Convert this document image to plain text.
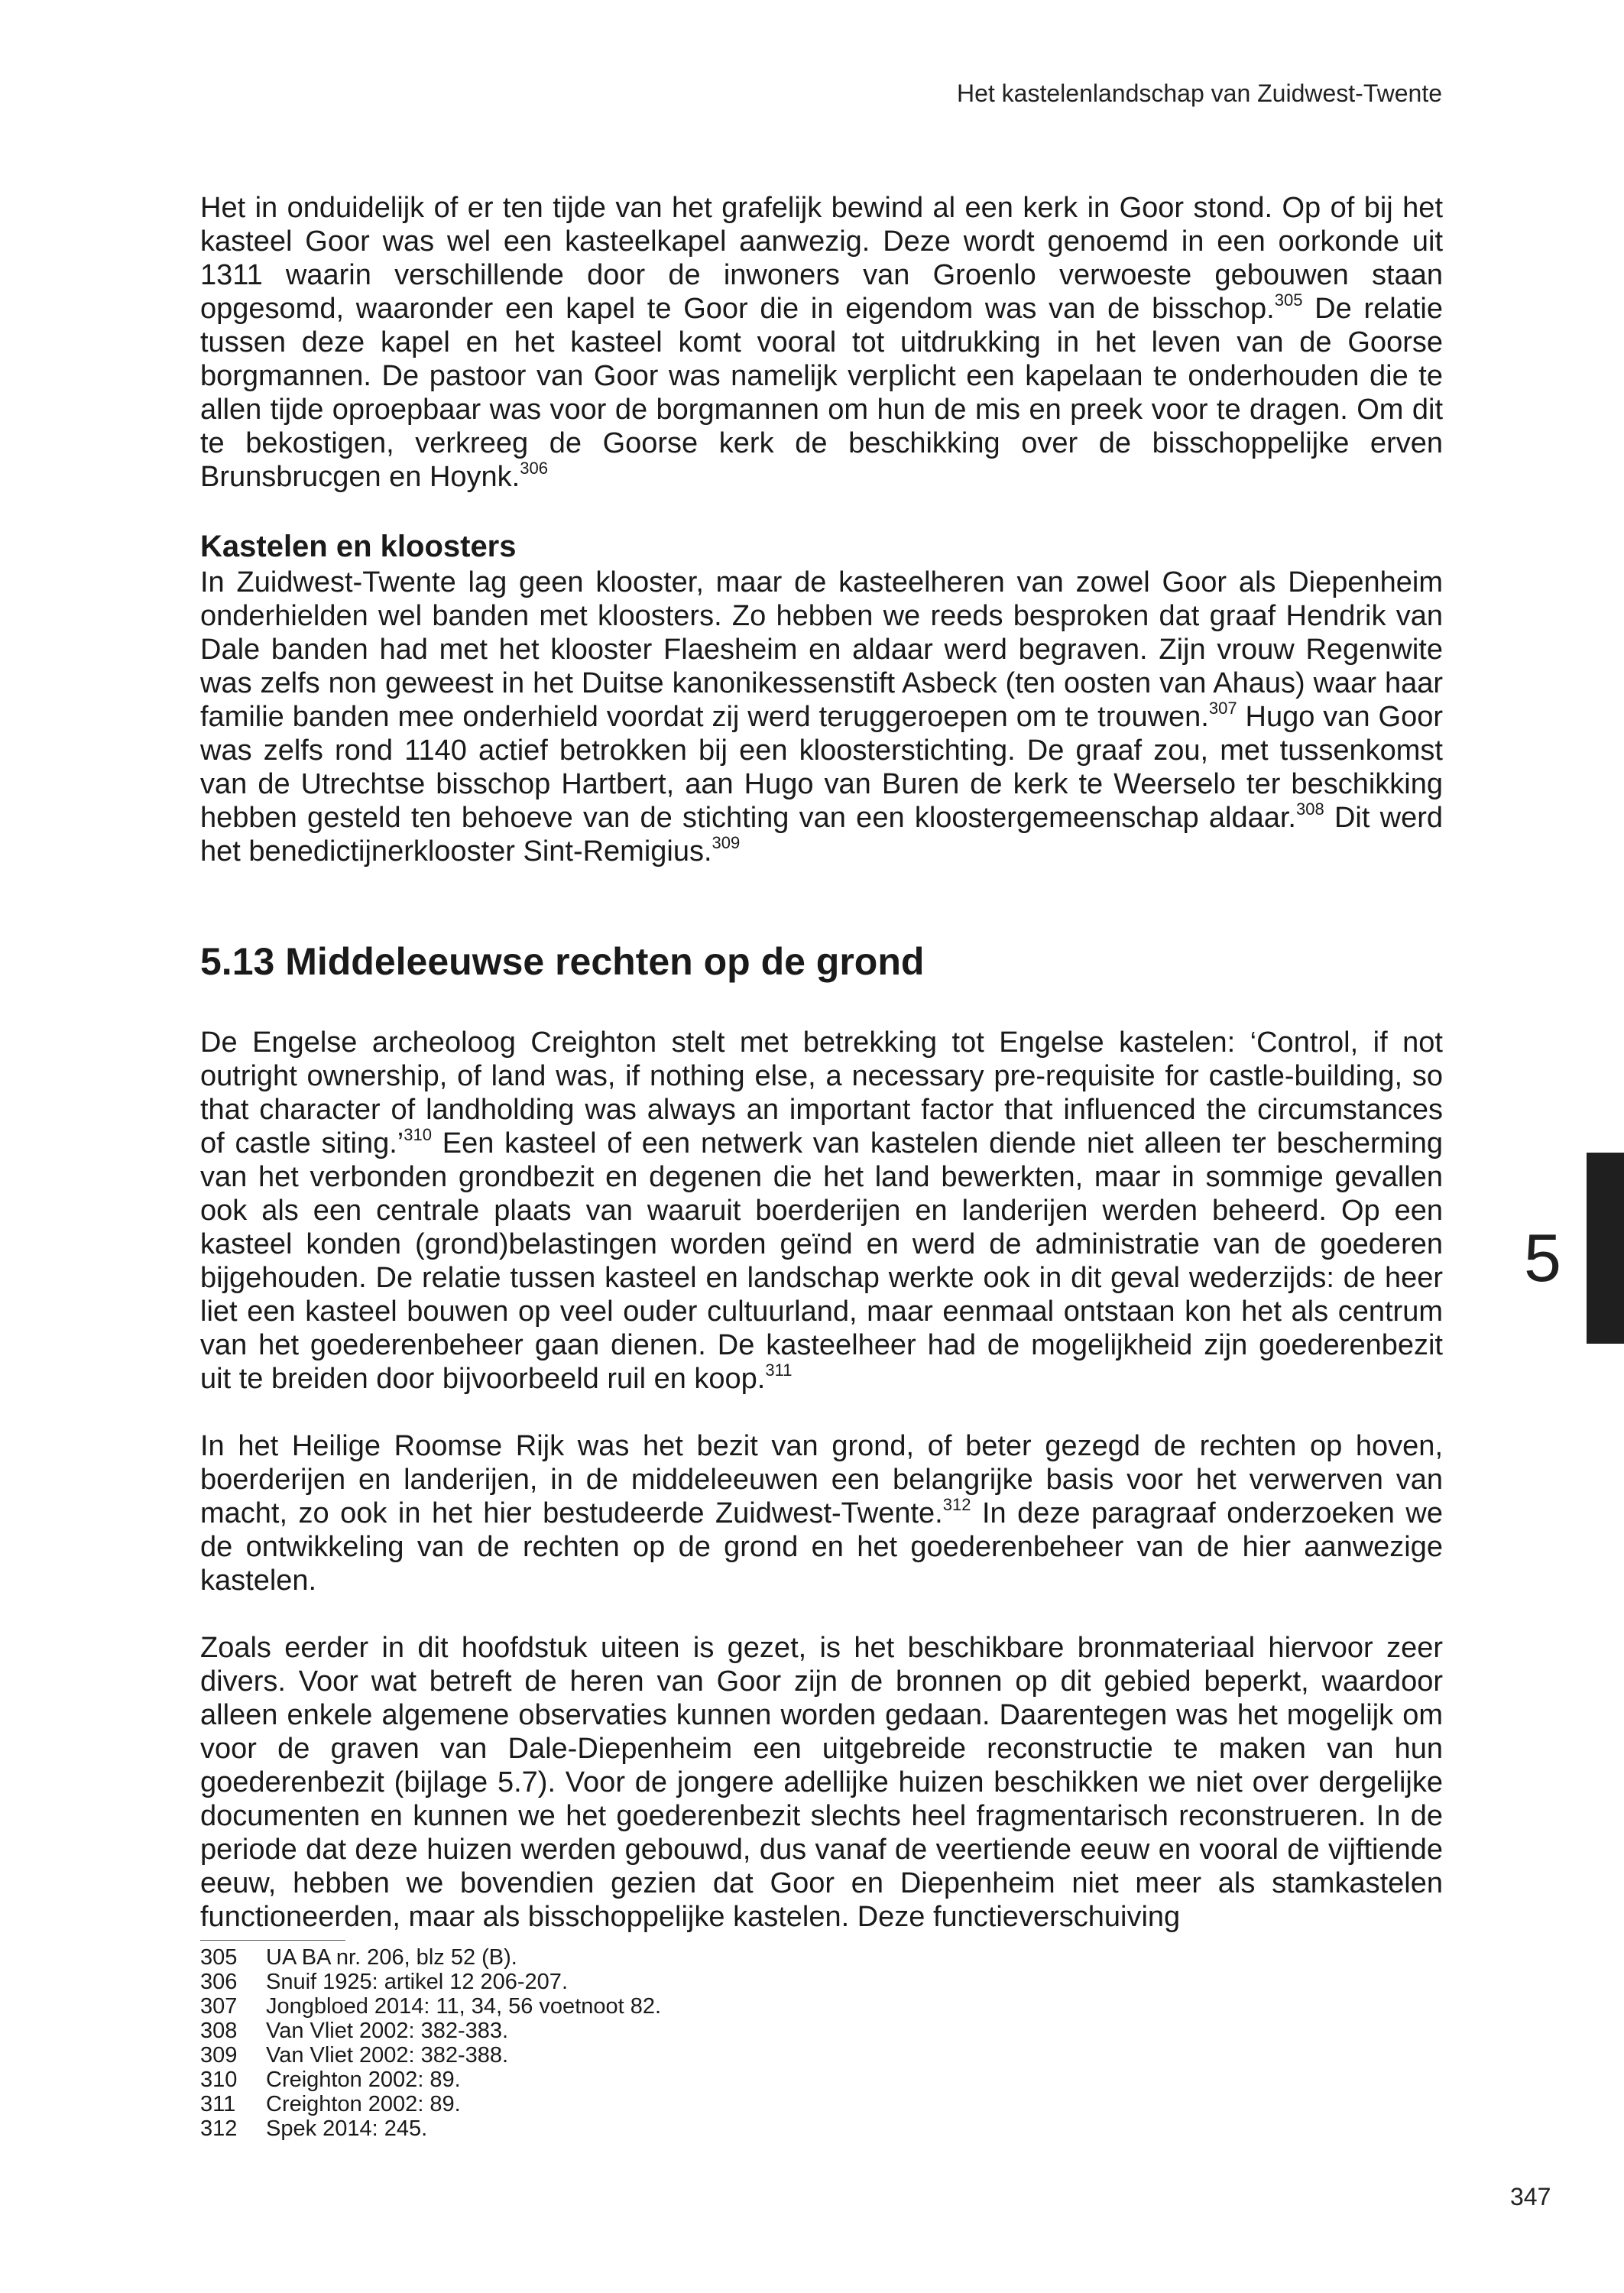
Het kastelenlandschap van Zuidwest-Twente

Het in onduidelijk of er ten tijde van het grafelijk bewind al een kerk in Goor stond. Op of bij het kasteel Goor was wel een kasteelkapel aanwezig. Deze wordt genoemd in een oorkonde uit 1311 waarin verschillende door de inwoners van Groenlo verwoeste gebouwen staan opgesomd, waaronder een kapel te Goor die in eigendom was van de bisschop.$^{305}$ De relatie tussen deze kapel en het kasteel komt vooral tot uitdrukking in het leven van de Goorse borgmannen. De pastoor van Goor was namelijk verplicht een kapelaan te onderhouden die te allen tijde oproepbaar was voor de borgmannen om hun de mis en preek voor te dragen. Om dit te bekostigen, verkreeg de Goorse kerk de beschikking over de bisschoppelijke erven Brunsbrucgen en Hoynk.$^{306}$

Kastelen en kloosters

In Zuidwest-Twente lag geen klooster, maar de kasteelheren van zowel Goor als Diepenheim onderhielden wel banden met kloosters. Zo hebben we reeds besproken dat graaf Hendrik van Dale banden had met het klooster Flaesheim en aldaar werd begraven. Zijn vrouw Regenwite was zelfs non geweest in het Duitse kanonikessenstift Asbeck (ten oosten van Ahaus) waar haar familie banden mee onderhield voordat zij werd teruggeroepen om te trouwen.$^{307}$ Hugo van Goor was zelfs rond 1140 actief betrokken bij een kloosterstichting. De graaf zou, met tussenkomst van de Utrechtse bisschop Hartbert, aan Hugo van Buren de kerk te Weerselo ter beschikking hebben gesteld ten behoeve van de stichting van een kloostergemeenschap aldaar.$^{308}$ Dit werd het benedictijnerklooster Sint-Remigius.$^{309}$

5.13 Middeleeuwse rechten op de grond

De Engelse archeoloog Creighton stelt met betrekking tot Engelse kastelen: ‘Control, if not outright ownership, of land was, if nothing else, a necessary pre-requisite for castle-building, so that character of landholding was always an important factor that influenced the circumstances of castle siting.’$^{310}$ Een kasteel of een netwerk van kastelen diende niet alleen ter bescherming van het verbonden grondbezit en degenen die het land bewerkten, maar in sommige gevallen ook als een centrale plaats van waaruit boerderijen en landerijen werden beheerd. Op een kasteel konden (grond)belastingen worden geïnd en werd de administratie van de goederen bijgehouden. De relatie tussen kasteel en landschap werkte ook in dit geval wederzijds: de heer liet een kasteel bouwen op veel ouder cultuurland, maar eenmaal ontstaan kon het als centrum van het goederenbeheer gaan dienen. De kasteelheer had de mogelijkheid zijn goederenbezit uit te breiden door bijvoorbeeld ruil en koop.$^{311}$

In het Heilige Roomse Rijk was het bezit van grond, of beter gezegd de rechten op hoven, boerderijen en landerijen, in de middeleeuwen een belangrijke basis voor het verwerven van macht, zo ook in het hier bestudeerde Zuidwest-Twente.$^{312}$ In deze paragraaf onderzoeken we de ontwikkeling van de rechten op de grond en het goederenbeheer van de hier aanwezige kastelen.

Zoals eerder in dit hoofdstuk uiteen is gezet, is het beschikbare bronmateriaal hiervoor zeer divers. Voor wat betreft de heren van Goor zijn de bronnen op dit gebied beperkt, waardoor alleen enkele algemene observaties kunnen worden gedaan. Daarentegen was het mogelijk om voor de graven van Dale-Diepenheim een uitgebreide reconstructie te maken van hun goederenbezit (bijlage 5.7). Voor de jongere adellijke huizen beschikken we niet over dergelijke documenten en kunnen we het goederenbezit slechts heel fragmentarisch reconstrueren. In de periode dat deze huizen werden gebouwd, dus vanaf de veertiende eeuw en vooral de vijftiende eeuw, hebben we bovendien gezien dat Goor en Diepenheim niet meer als stamkastelen functioneerden, maar als bisschoppelijke kastelen. Deze functieverschuiving

305	UA BA nr. 206, blz 52 (B).
306	Snuif 1925: artikel 12 206-207.
307	Jongbloed 2014: 11, 34, 56 voetnoot 82.
308	Van Vliet 2002: 382-383.
309	Van Vliet 2002: 382-388.
310	Creighton 2002: 89.
311	Creighton 2002: 89.
312	Spek 2014: 245.
5
347
